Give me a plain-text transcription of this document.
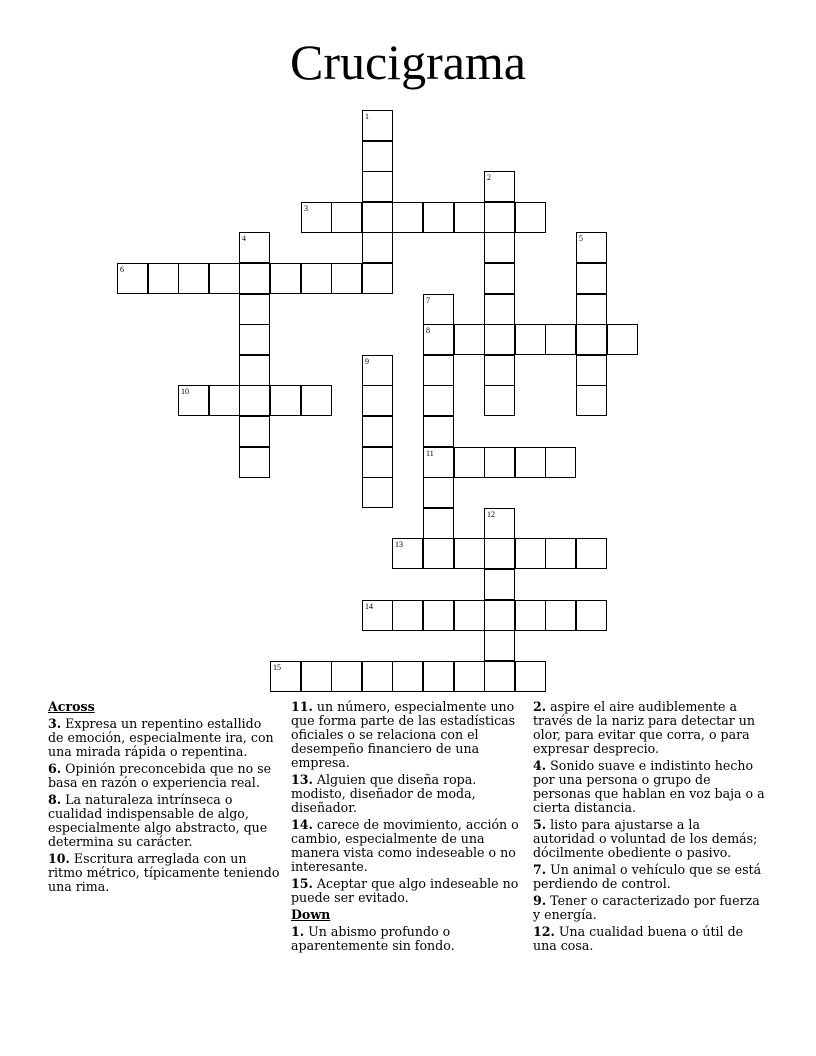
Crucigrama
1
2
3
4	5
6
7
8
11
9
10
12
13
14
15
Across
3. Expresa un repentino estallido de emoción, especialmente ira, con una mirada rápida o repentina.
6. Opinión preconcebida que no se basa en razón o experiencia real.
8. La naturaleza intrínseca o cualidad indispensable de algo, especialmente algo abstracto, que determina su carácter.
10. Escritura arreglada con un ritmo métrico, típicamente teniendo una rima.
11. un número, especialmente uno que forma parte de las estadísticas oficiales o se relaciona con el desempeño financiero de una empresa.
13. Alguien que diseña ropa. modisto, diseñador de moda, diseñador.
14. carece de movimiento, acción o cambio, especialmente de una manera vista como indeseable o no interesante.
15. Aceptar que algo indeseable no puede ser evitado.
Down
1. Un abismo profundo o aparentemente sin fondo.
2. aspire el aire audiblemente a través de la nariz para detectar un olor, para evitar que corra, o para expresar desprecio.
4. Sonido suave e indistinto hecho por una persona o grupo de personas que hablan en voz baja o a cierta distancia.
5. listo para ajustarse a la autoridad o voluntad de los demás; dócilmente obediente o pasivo.
7. Un animal o vehículo que se está perdiendo de control.
9. Tener o caracterizado por fuerza y energía.
12. Una cualidad buena o útil de una cosa.
